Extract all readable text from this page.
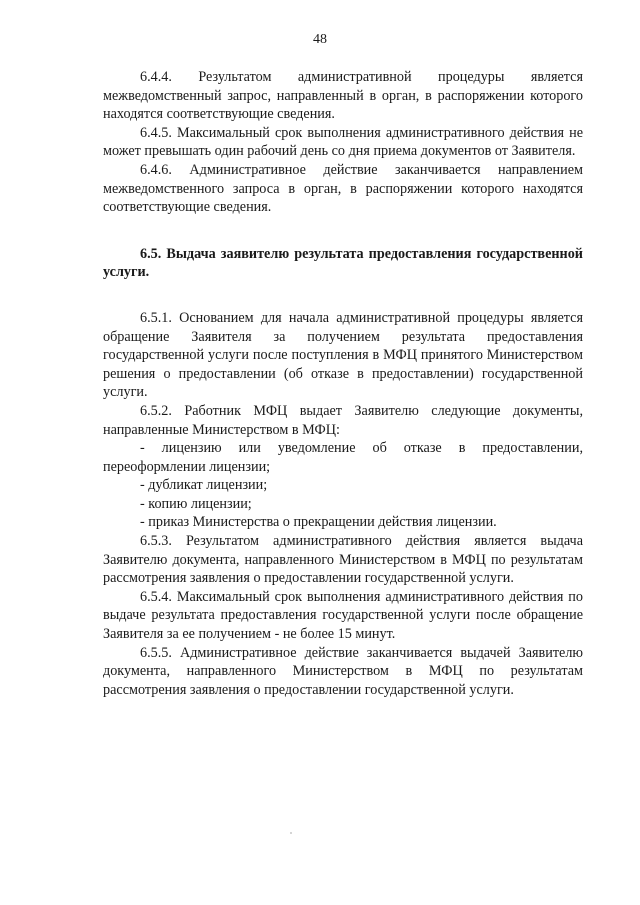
48

6.4.4. Результатом административной процедуры является межведомственный запрос, направленный в орган, в распоряжении которого находятся соответствующие сведения.

6.4.5. Максимальный срок выполнения административного действия не может превышать один рабочий день со дня приема документов от Заявителя.

6.4.6. Административное действие заканчивается направлением межведомственного запроса в орган, в распоряжении которого находятся соответствующие сведения.

6.5. Выдача заявителю результата предоставления государственной услуги.

6.5.1. Основанием для начала административной процедуры является обращение Заявителя за получением результата предоставления государственной услуги после поступления в МФЦ принятого Министерством решения о предоставлении (об отказе в предоставлении) государственной услуги.

6.5.2. Работник МФЦ выдает Заявителю следующие документы, направленные Министерством в МФЦ:

- лицензию или уведомление об отказе в предоставлении, переоформлении лицензии;

- дубликат лицензии;

- копию лицензии;

- приказ Министерства о прекращении действия лицензии.

6.5.3. Результатом административного действия является выдача Заявителю документа, направленного Министерством в МФЦ по результатам рассмотрения заявления о предоставлении государственной услуги.

6.5.4. Максимальный срок выполнения административного действия по выдаче результата предоставления государственной услуги после обращение Заявителя за ее получением - не более 15 минут.

6.5.5. Административное действие заканчивается выдачей Заявителю документа, направленного Министерством в МФЦ по результатам рассмотрения заявления о предоставлении государственной услуги.
